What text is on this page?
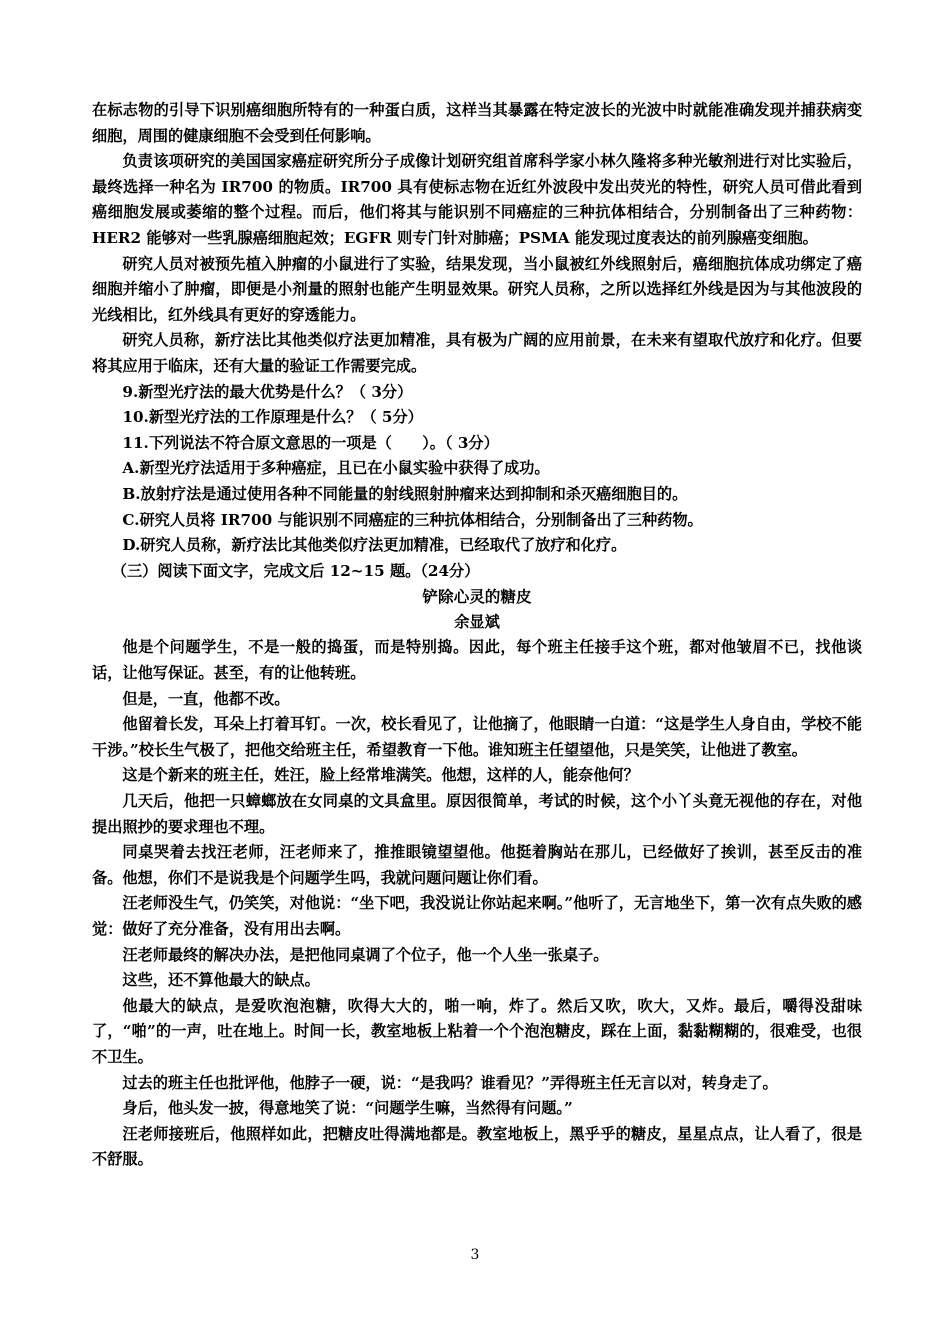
在标志物的引导下识别癌细胞所特有的一种蛋白质，这样当其暴露在特定波长的光波中时就能准确发现并捕获病变细胞，周围的健康细胞不会受到任何影响。

负责该项研究的美国国家癌症研究所分子成像计划研究组首席科学家小林久隆将多种光敏剂进行对比实验后，最终选择一种名为 IR700 的物质。IR700 具有使标志物在近红外波段中发出荧光的特性，研究人员可借此看到癌细胞发展或萎缩的整个过程。而后，他们将其与能识别不同癌症的三种抗体相结合，分别制备出了三种药物：HER2 能够对一些乳腺癌细胞起效；EGFR 则专门针对肺癌；PSMA 能发现过度表达的前列腺癌变细胞。

研究人员对被预先植入肿瘤的小鼠进行了实验，结果发现，当小鼠被红外线照射后，癌细胞抗体成功绑定了癌细胞并缩小了肿瘤，即便是小剂量的照射也能产生明显效果。研究人员称，之所以选择红外线是因为与其他波段的光线相比，红外线具有更好的穿透能力。

研究人员称，新疗法比其他类似疗法更加精准，具有极为广阔的应用前景，在未来有望取代放疗和化疗。但要将其应用于临床，还有大量的验证工作需要完成。

9.新型光疗法的最大优势是什么？（ 3分）

10.新型光疗法的工作原理是什么？（ 5分）

11.下列说法不符合原文意思的一项是（　　）。（ 3分）

A.新型光疗法适用于多种癌症，且已在小鼠实验中获得了成功。

B.放射疗法是通过使用各种不同能量的射线照射肿瘤来达到抑制和杀灭癌细胞目的。

C.研究人员将 IR700 与能识别不同癌症的三种抗体相结合，分别制备出了三种药物。

D.研究人员称，新疗法比其他类似疗法更加精准，已经取代了放疗和化疗。

（三）阅读下面文字，完成文后 12~15 题。（24分）

铲除心灵的糖皮

余显斌

他是个问题学生，不是一般的捣蛋，而是特别捣。因此，每个班主任接手这个班，都对他皱眉不已，找他谈话，让他写保证。甚至，有的让他转班。

但是，一直，他都不改。

他留着长发，耳朵上打着耳钉。一次，校长看见了，让他摘了，他眼睛一白道：“这是学生人身自由，学校不能干涉。”校长生气极了，把他交给班主任，希望教育一下他。谁知班主任望望他，只是笑笑，让他进了教室。

这是个新来的班主任，姓汪，脸上经常堆满笑。他想，这样的人，能奈他何？

几天后，他把一只蟑螂放在女同桌的文具盒里。原因很简单，考试的时候，这个小丫头竟无视他的存在，对他提出照抄的要求理也不理。

同桌哭着去找汪老师，汪老师来了，推推眼镜望望他。他挺着胸站在那儿，已经做好了挨训，甚至反击的准备。他想，你们不是说我是个问题学生吗，我就问题问题让你们看。

汪老师没生气，仍笑笑，对他说：“坐下吧，我没说让你站起来啊。”他听了，无言地坐下，第一次有点失败的感觉：做好了充分准备，没有用出去啊。

汪老师最终的解决办法，是把他同桌调了个位子，他一个人坐一张桌子。

这些，还不算他最大的缺点。

他最大的缺点，是爱吹泡泡糖，吹得大大的，啪一响，炸了。然后又吹，吹大，又炸。最后，嚼得没甜味了，“啪”的一声，吐在地上。时间一长，教室地板上粘着一个个泡泡糖皮，踩在上面，黏黏糊糊的，很难受，也很不卫生。

过去的班主任也批评他，他脖子一硬，说：“是我吗？谁看见？”弄得班主任无言以对，转身走了。

身后，他头发一披，得意地笑了说：“问题学生嘛，当然得有问题。”

汪老师接班后，他照样如此，把糖皮吐得满地都是。教室地板上，黑乎乎的糖皮，星星点点，让人看了，很是不舒服。

3
